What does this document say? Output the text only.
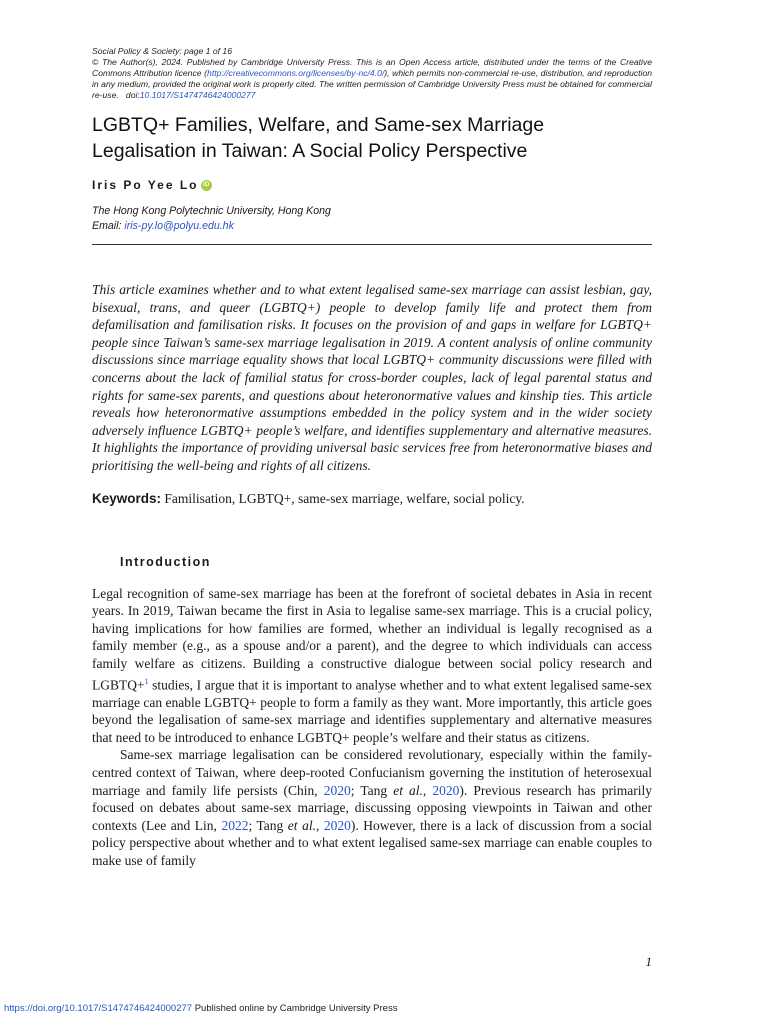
Social Policy & Society: page 1 of 16
© The Author(s), 2024. Published by Cambridge University Press. This is an Open Access article, distributed under the terms of the Creative Commons Attribution licence (http://creativecommons.org/licenses/by-nc/4.0/), which permits non-commercial re-use, distribution, and reproduction in any medium, provided the original work is properly cited. The written permission of Cambridge University Press must be obtained for commercial re-use. doi:10.1017/S1474746424000277
LGBTQ+ Families, Welfare, and Same-sex Marriage
Legalisation in Taiwan: A Social Policy Perspective
Iris Po Yee Lo
iD
The Hong Kong Polytechnic University, Hong Kong
Email: iris-py.lo@polyu.edu.hk
This article examines whether and to what extent legalised same-sex marriage can assist lesbian, gay, bisexual, trans, and queer (LGBTQ+) people to develop family life and protect them from defamilisation and familisation risks. It focuses on the provision of and gaps in welfare for LGBTQ+ people since Taiwan’s same-sex marriage legalisation in 2019. A content analysis of online community discussions since marriage equality shows that local LGBTQ+ community discussions were filled with concerns about the lack of familial status for cross-border couples, lack of legal parental status and rights for same-sex parents, and questions about heteronormative values and kinship ties. This article reveals how heteronormative assumptions embedded in the policy system and in the wider society adversely influence LGBTQ+ people’s welfare, and identifies supplementary and alternative measures. It highlights the importance of providing universal basic services free from heteronormative biases and prioritising the well-being and rights of all citizens.
Keywords: Familisation, LGBTQ+, same-sex marriage, welfare, social policy.
Introduction

Legal recognition of same-sex marriage has been at the forefront of societal debates in Asia in recent years. In 2019, Taiwan became the first in Asia to legalise same-sex marriage. This is a crucial policy, having implications for how families are formed, whether an individual is legally recognised as a family member (e.g., as a spouse and/or a parent), and the degree to which individuals can access family welfare as citizens. Building a constructive dialogue between social policy research and LGBTQ+$^1$ studies, I argue that it is important to analyse whether and to what extent legalised same-sex marriage can enable LGBTQ+ people to form a family as they want. More importantly, this article goes beyond the legalisation of same-sex marriage and identifies supplementary and alternative measures that need to be introduced to enhance LGBTQ+ people’s welfare and their status as citizens.

Same-sex marriage legalisation can be considered revolutionary, especially within the family-centred context of Taiwan, where deep-rooted Confucianism governing the institution of heterosexual marriage and family life persists (Chin, 2020; Tang et al., 2020). Previous research has primarily focused on debates about same-sex marriage, discussing opposing viewpoints in Taiwan and other contexts (Lee and Lin, 2022; Tang et al., 2020). However, there is a lack of discussion from a social policy perspective about whether and to what extent legalised same-sex marriage can enable couples to make use of family

1
https://doi.org/10.1017/S1474746424000277 Published online by Cambridge University Press
